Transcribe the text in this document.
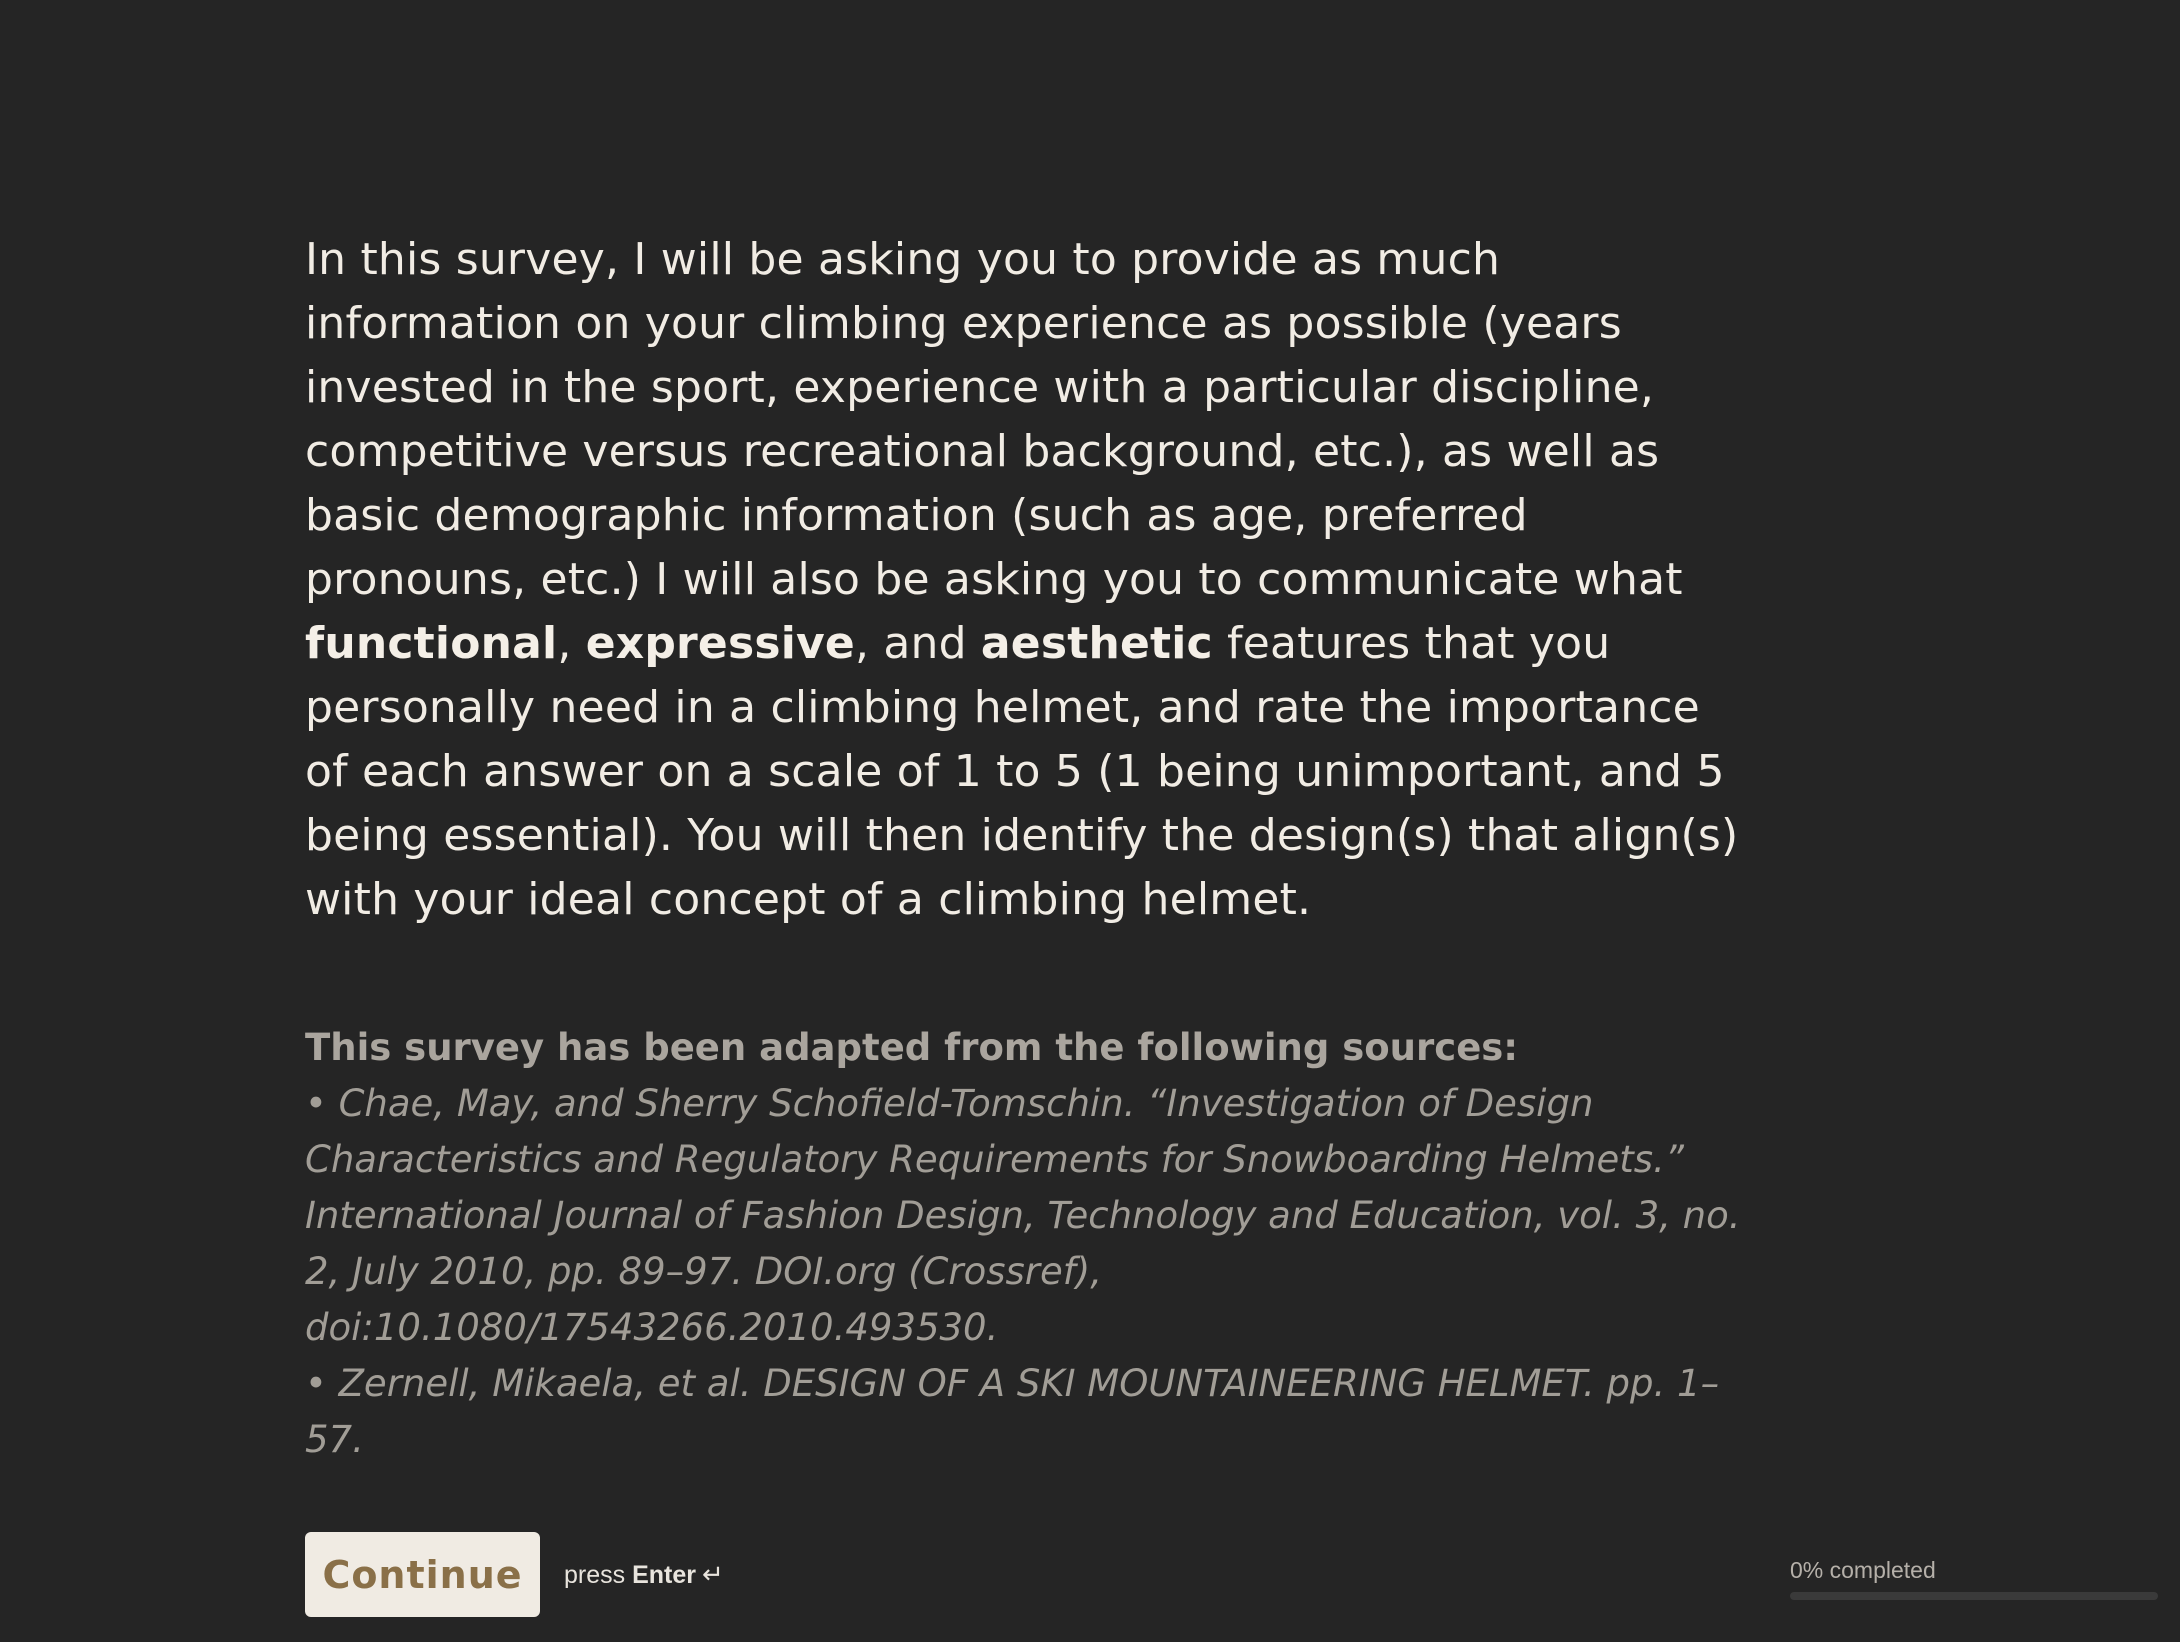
In this survey, I will be asking you to provide as much information on your climbing experience as possible (years invested in the sport, experience with a particular discipline, competitive versus recreational background, etc.), as well as basic demographic information (such as age, preferred pronouns, etc.) I will also be asking you to communicate what functional, expressive, and aesthetic features that you personally need in a climbing helmet, and rate the importance of each answer on a scale of 1 to 5 (1 being unimportant, and 5 being essential). You will then identify the design(s) that align(s) with your ideal concept of a climbing helmet.

This survey has been adapted from the following sources:
• Chae, May, and Sherry Schofield-Tomschin. “Investigation of Design Characteristics and Regulatory Requirements for Snowboarding Helmets.” International Journal of Fashion Design, Technology and Education, vol. 3, no. 2, July 2010, pp. 89–97. DOI.org (Crossref), doi:10.1080/17543266.2010.493530.
• Zernell, Mikaela, et al. DESIGN OF A SKI MOUNTAINEERING HELMET. pp. 1–57.
Continue	press Enter ↵	0% completed
